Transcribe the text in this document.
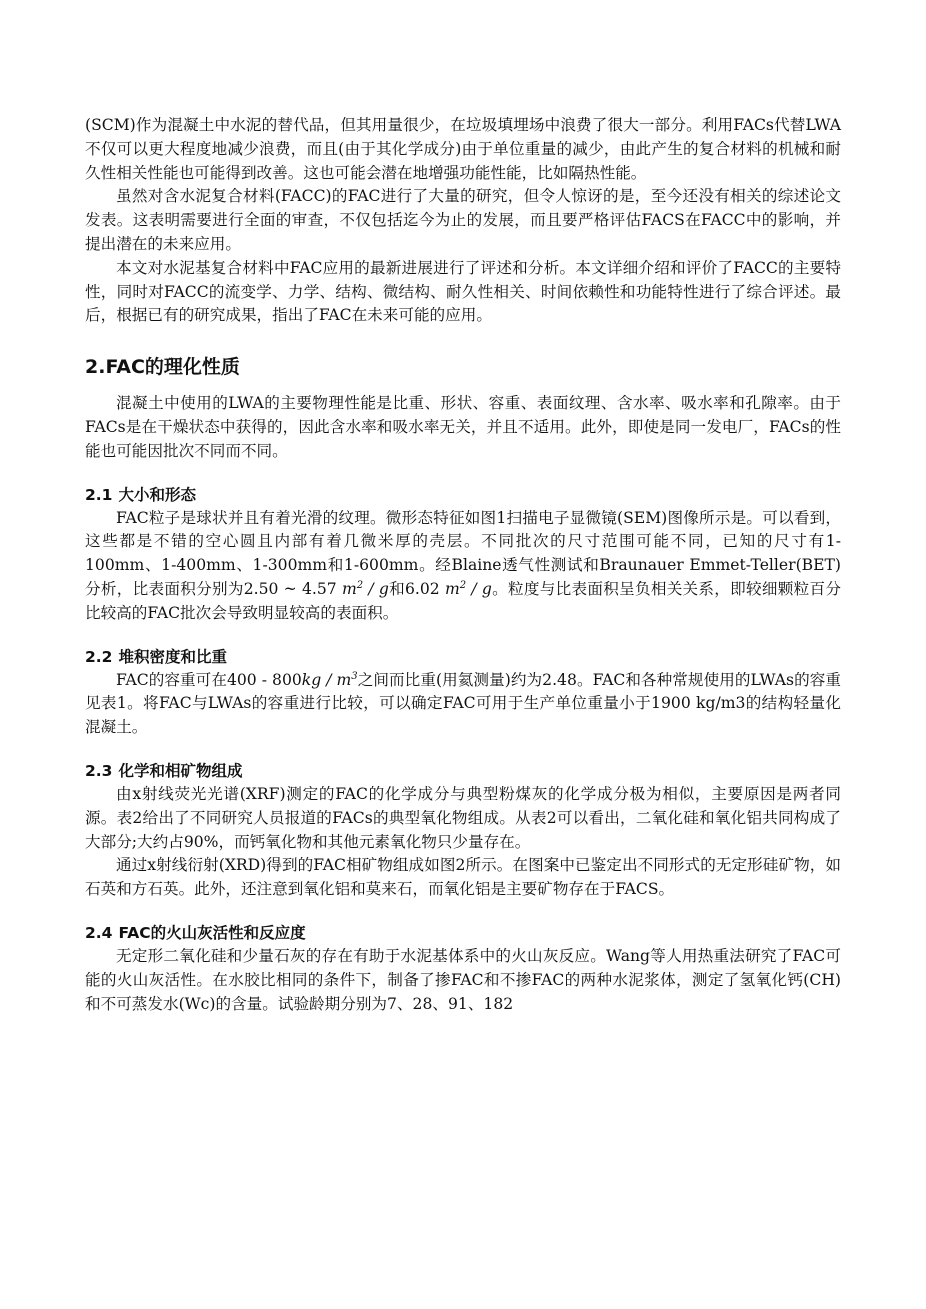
(SCM)作为混凝土中水泥的替代品，但其用量很少，在垃圾填埋场中浪费了很大一部分。利用FACs代替LWA不仅可以更大程度地减少浪费，而且(由于其化学成分)由于单位重量的减少，由此产生的复合材料的机械和耐久性相关性能也可能得到改善。这也可能会潜在地增强功能性能，比如隔热性能。

虽然对含水泥复合材料(FACC)的FAC进行了大量的研究，但令人惊讶的是，至今还没有相关的综述论文发表。这表明需要进行全面的审查，不仅包括迄今为止的发展，而且要严格评估FACS在FACC中的影响，并提出潜在的未来应用。

本文对水泥基复合材料中FAC应用的最新进展进行了评述和分析。本文详细介绍和评价了FACC的主要特性，同时对FACC的流变学、力学、结构、微结构、耐久性相关、时间依赖性和功能特性进行了综合评述。最后，根据已有的研究成果，指出了FAC在未来可能的应用。

2.FAC的理化性质

混凝土中使用的LWA的主要物理性能是比重、形状、容重、表面纹理、含水率、吸水率和孔隙率。由于FACs是在干燥状态中获得的，因此含水率和吸水率无关，并且不适用。此外，即使是同一发电厂，FACs的性能也可能因批次不同而不同。

2.1 大小和形态

FAC粒子是球状并且有着光滑的纹理。微形态特征如图1扫描电子显微镜(SEM)图像所示是。可以看到，这些都是不错的空心圆且内部有着几微米厚的壳层。不同批次的尺寸范围可能不同，已知的尺寸有1-100mm、1-400mm、1-300mm和1-600mm。经Blaine透气性测试和Braunauer Emmet-Teller(BET)分析，比表面积分别为2.50 ~ 4.57 $m^2$ / g和6.02 $m^2$ / g。粒度与比表面积呈负相关关系，即较细颗粒百分比较高的FAC批次会导致明显较高的表面积。

2.2 堆积密度和比重

FAC的容重可在$400 - 800kg / m^3$之间而比重(用氦测量)约为2.48。FAC和各种常规使用的LWAs的容重见表1。将FAC与LWAs的容重进行比较，可以确定FAC可用于生产单位重量小于1900 kg/m3的结构轻量化混凝土。

2.3 化学和相矿物组成

由x射线荧光光谱(XRF)测定的FAC的化学成分与典型粉煤灰的化学成分极为相似，主要原因是两者同源。表2给出了不同研究人员报道的FACs的典型氧化物组成。从表2可以看出，二氧化硅和氧化铝共同构成了大部分;大约占90%，而钙氧化物和其他元素氧化物只少量存在。

通过x射线衍射(XRD)得到的FAC相矿物组成如图2所示。在图案中已鉴定出不同形式的无定形硅矿物，如石英和方石英。此外，还注意到氧化铝和莫来石，而氧化铝是主要矿物存在于FACS。

2.4 FAC的火山灰活性和反应度

无定形二氧化硅和少量石灰的存在有助于水泥基体系中的火山灰反应。Wang等人用热重法研究了FAC可能的火山灰活性。在水胶比相同的条件下，制备了掺FAC和不掺FAC的两种水泥浆体，测定了氢氧化钙(CH)和不可蒸发水(Wc)的含量。试验龄期分别为7、28、91、182
